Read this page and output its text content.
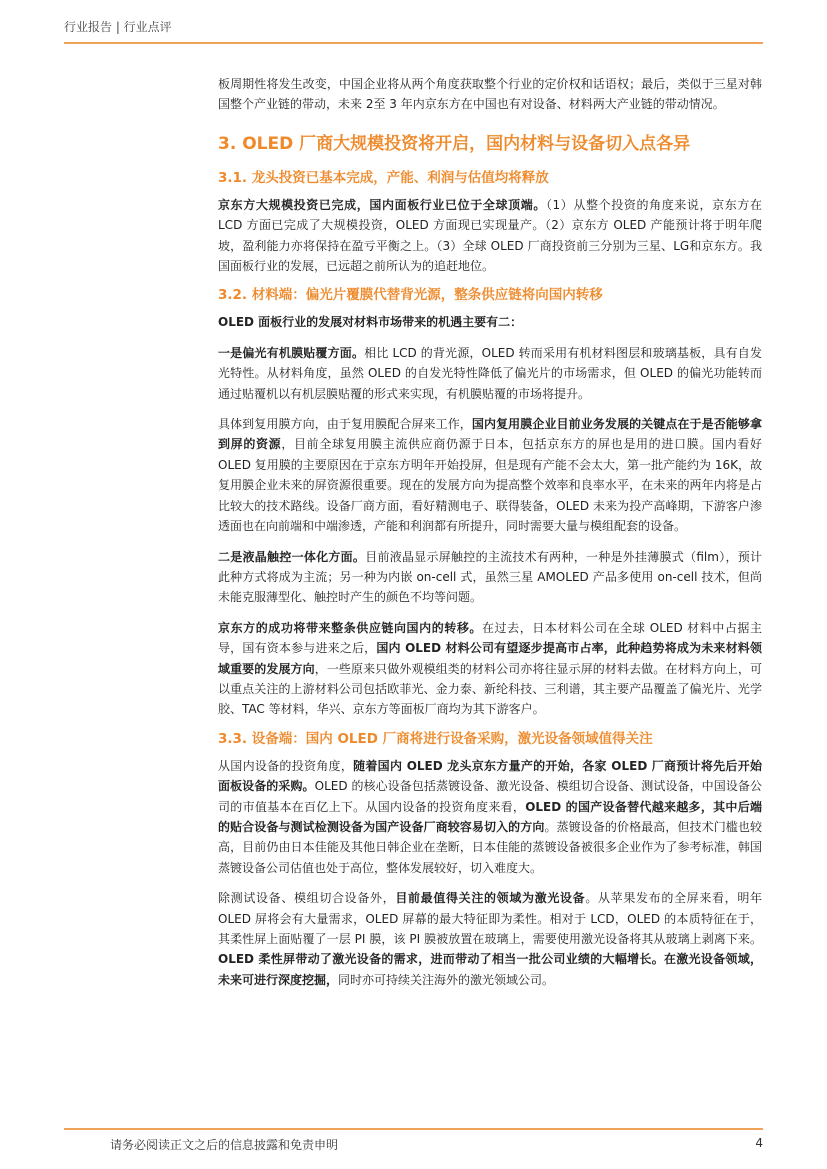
行业报告 | 行业点评

板周期性将发生改变，中国企业将从两个角度获取整个行业的定价权和话语权；最后，类似于三星对韩国整个产业链的带动，未来 2至 3 年内京东方在中国也有对设备、材料两大产业链的带动情况。

3. OLED 厂商大规模投资将开启，国内材料与设备切入点各异
3.1. 龙头投资已基本完成，产能、利润与估值均将释放

京东方大规模投资已完成，国内面板行业已位于全球顶端。（1）从整个投资的角度来说，京东方在 LCD 方面已完成了大规模投资，OLED 方面现已实现量产。（2）京东方 OLED 产能预计将于明年爬坡，盈利能力亦将保持在盈亏平衡之上。（3）全球 OLED 厂商投资前三分别为三星、LG和京东方。我国面板行业的发展，已远超之前所认为的追赶地位。

3.2. 材料端：偏光片覆膜代替背光源，整条供应链将向国内转移

OLED 面板行业的发展对材料市场带来的机遇主要有二：

一是偏光有机膜贴覆方面。相比 LCD 的背光源，OLED 转而采用有机材料图层和玻璃基板，具有自发光特性。从材料角度，虽然 OLED 的自发光特性降低了偏光片的市场需求，但 OLED 的偏光功能转而通过贴覆机以有机层膜贴覆的形式来实现，有机膜贴覆的市场将提升。

具体到复用膜方向，由于复用膜配合屏来工作，国内复用膜企业目前业务发展的关键点在于是否能够拿到屏的资源，目前全球复用膜主流供应商仍源于日本，包括京东方的屏也是用的进口膜。国内看好 OLED 复用膜的主要原因在于京东方明年开始投屏，但是现有产能不会太大，第一批产能约为 16K，故复用膜企业未来的屏资源很重要。现在的发展方向为提高整个效率和良率水平，在未来的两年内将是占比较大的技术路线。设备厂商方面，看好精测电子、联得装备，OLED 未来为投产高峰期，下游客户渗透面也在向前端和中端渗透，产能和利润都有所提升，同时需要大量与模组配套的设备。

二是液晶触控一体化方面。目前液晶显示屏触控的主流技术有两种，一种是外挂薄膜式（film），预计此种方式将成为主流；另一种为内嵌 on-cell 式，虽然三星 AMOLED 产品多使用 on-cell 技术，但尚未能克服薄型化、触控时产生的颜色不均等问题。

京东方的成功将带来整条供应链向国内的转移。在过去，日本材料公司在全球 OLED 材料中占据主导，国有资本参与进来之后，国内 OLED 材料公司有望逐步提高市占率，此种趋势将成为未来材料领域重要的发展方向，一些原来只做外观模组类的材料公司亦将往显示屏的材料去做。在材料方向上，可以重点关注的上游材料公司包括欧菲光、金力泰、新纶科技、三利谱，其主要产品覆盖了偏光片、光学胶、TAC 等材料，华兴、京东方等面板厂商均为其下游客户。

3.3. 设备端：国内 OLED 厂商将进行设备采购，激光设备领域值得关注

从国内设备的投资角度，随着国内 OLED 龙头京东方量产的开始，各家 OLED 厂商预计将先后开始面板设备的采购。OLED 的核心设备包括蒸镀设备、激光设备、模组切合设备、测试设备，中国设备公司的市值基本在百亿上下。从国内设备的投资角度来看，OLED 的国产设备替代越来越多，其中后端的贴合设备与测试检测设备为国产设备厂商较容易切入的方向。蒸镀设备的价格最高，但技术门槛也较高，目前仍由日本佳能及其他日韩企业在垄断，日本佳能的蒸镀设备被很多企业作为了参考标准，韩国蒸镀设备公司估值也处于高位，整体发展较好，切入难度大。

除测试设备、模组切合设备外，目前最值得关注的领域为激光设备。从苹果发布的全屏来看，明年 OLED 屏将会有大量需求，OLED 屏幕的最大特征即为柔性。相对于 LCD，OLED 的本质特征在于，其柔性屏上面贴覆了一层 PI 膜，该 PI 膜被放置在玻璃上，需要使用激光设备将其从玻璃上剥离下来。OLED 柔性屏带动了激光设备的需求，进而带动了相当一批公司业绩的大幅增长。在激光设备领域，未来可进行深度挖掘，同时亦可持续关注海外的激光领域公司。

请务必阅读正文之后的信息披露和免责申明	4
